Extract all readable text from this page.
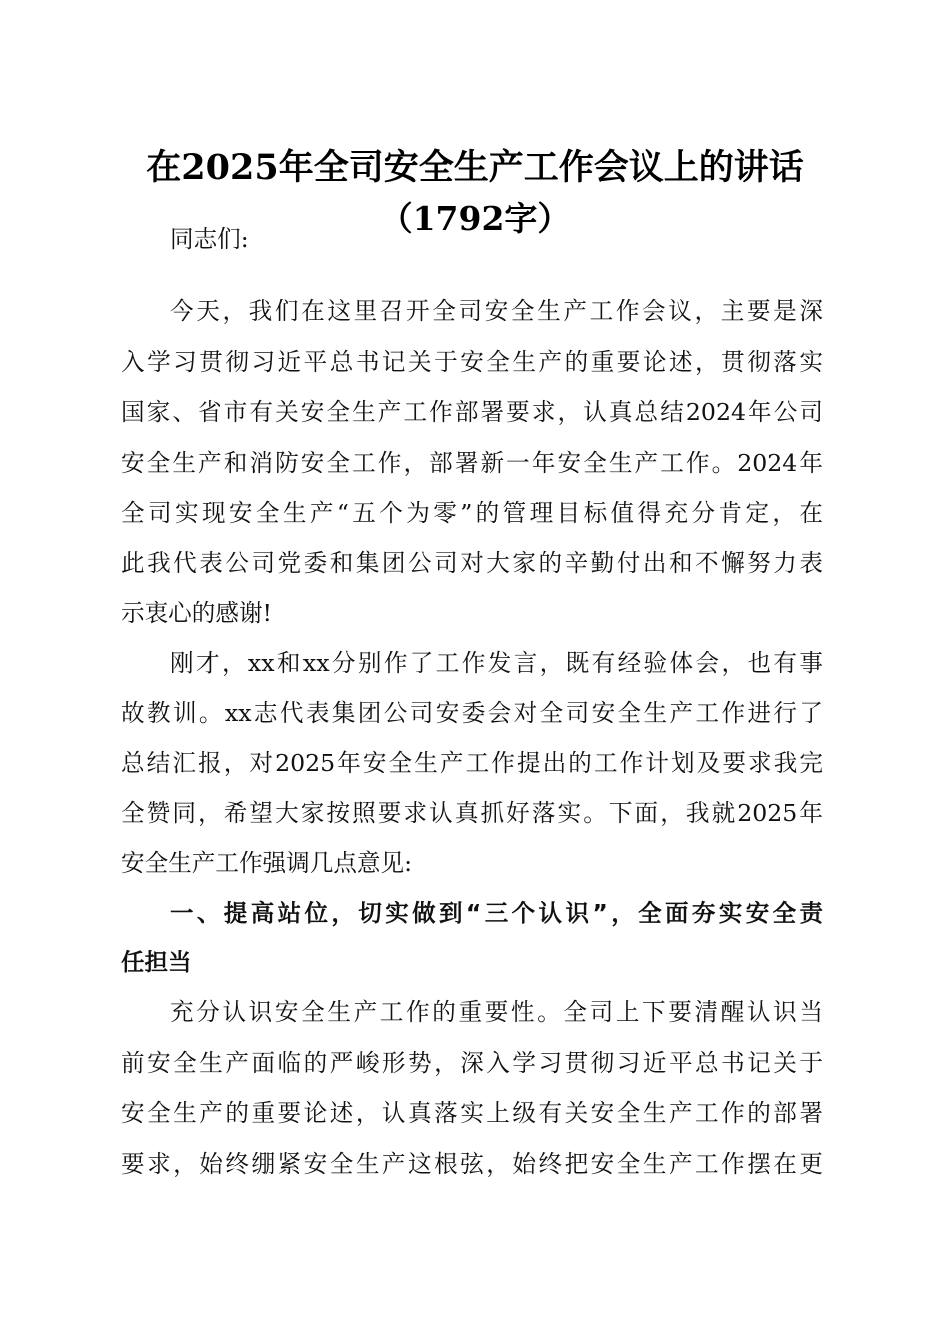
在2025年全司安全生产工作会议上的讲话
（1792字）
同志们:
今天，我们在这里召开全司安全生产工作会议，主要是深
入学习贯彻习近平总书记关于安全生产的重要论述，贯彻落实
国家、省市有关安全生产工作部署要求，认真总结2024年公司
安全生产和消防安全工作，部署新一年安全生产工作。2024年
全司实现安全生产“五个为零”的管理目标值得充分肯定，在
此我代表公司党委和集团公司对大家的辛勤付出和不懈努力表
示衷心的感谢!
刚才，xx和xx分别作了工作发言，既有经验体会，也有事
故教训。xx志代表集团公司安委会对全司安全生产工作进行了
总结汇报，对2025年安全生产工作提出的工作计划及要求我完
全赞同，希望大家按照要求认真抓好落实。下面，我就2025年
安全生产工作强调几点意见:
一、提高站位，切实做到“三个认识”，全面夯实安全责
任担当
充分认识安全生产工作的重要性。全司上下要清醒认识当
前安全生产面临的严峻形势，深入学习贯彻习近平总书记关于
安全生产的重要论述，认真落实上级有关安全生产工作的部署
要求，始终绷紧安全生产这根弦，始终把安全生产工作摆在更
